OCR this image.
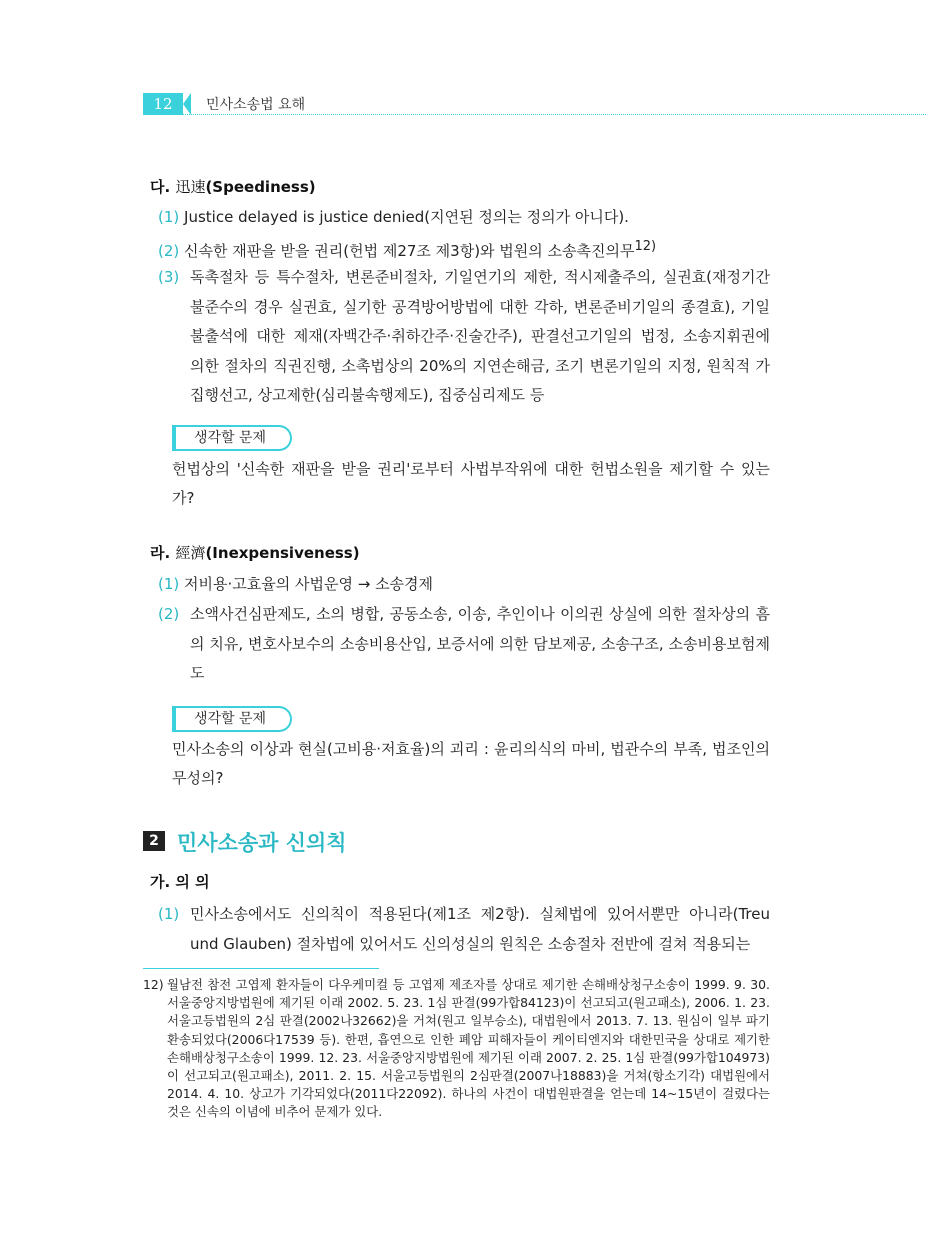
12	민사소송법 요해
다. 迅速(Speediness)
(1) Justice delayed is justice denied(지연된 정의는 정의가 아니다).
(2) 신속한 재판을 받을 권리(헌법 제27조 제3항)와 법원의 소송촉진의무$^{12)}$
(3) 독촉절차 등 특수절차, 변론준비절차, 기일연기의 제한, 적시제출주의, 실권효(재정기간 불준수의 경우 실권효, 실기한 공격방어방법에 대한 각하, 변론준비기일의 종결효), 기일불출석에 대한 제재(자백간주·취하간주·진술간주), 판결선고기일의 법정, 소송지휘권에 의한 절차의 직권진행, 소촉법상의 20%의 지연손해금, 조기 변론기일의 지정, 원칙적 가집행선고, 상고제한(심리불속행제도), 집중심리제도 등
생각할 문제
헌법상의 '신속한 재판을 받을 권리'로부터 사법부작위에 대한 헌법소원을 제기할 수 있는가?
라. 經濟(Inexpensiveness)
(1) 저비용·고효율의 사법운영 → 소송경제
(2) 소액사건심판제도, 소의 병합, 공동소송, 이송, 추인이나 이의권 상실에 의한 절차상의 흠의 치유, 변호사보수의 소송비용산입, 보증서에 의한 담보제공, 소송구조, 소송비용보험제도
생각할 문제
민사소송의 이상과 현실(고비용·저효율)의 괴리 : 윤리의식의 마비, 법관수의 부족, 법조인의 무성의?
2 민사소송과 신의칙
가. 의 의
(1) 민사소송에서도 신의칙이 적용된다(제1조 제2항). 실체법에 있어서뿐만 아니라(Treu und Glauben) 절차법에 있어서도 신의성실의 원칙은 소송절차 전반에 걸쳐 적용되는
12) 월남전 참전 고엽제 환자들이 다우케미컬 등 고엽제 제조자를 상대로 제기한 손해배상청구소송이 1999. 9. 30. 서울중앙지방법원에 제기된 이래 2002. 5. 23. 1심 판결(99가합84123)이 선고되고(원고패소), 2006. 1. 23. 서울고등법원의 2심 판결(2002나32662)을 거쳐(원고 일부승소), 대법원에서 2013. 7. 13. 원심이 일부 파기환송되었다(2006다17539 등). 한편, 흡연으로 인한 폐암 피해자들이 케이티엔지와 대한민국을 상대로 제기한 손해배상청구소송이 1999. 12. 23. 서울중앙지방법원에 제기된 이래 2007. 2. 25. 1심 판결(99가합104973)이 선고되고(원고패소), 2011. 2. 15. 서울고등법원의 2심판결(2007나18883)을 거쳐(항소기각) 대법원에서 2014. 4. 10. 상고가 기각되었다(2011다22092). 하나의 사건이 대법원판결을 얻는데 14~15년이 걸렸다는 것은 신속의 이념에 비추어 문제가 있다.
